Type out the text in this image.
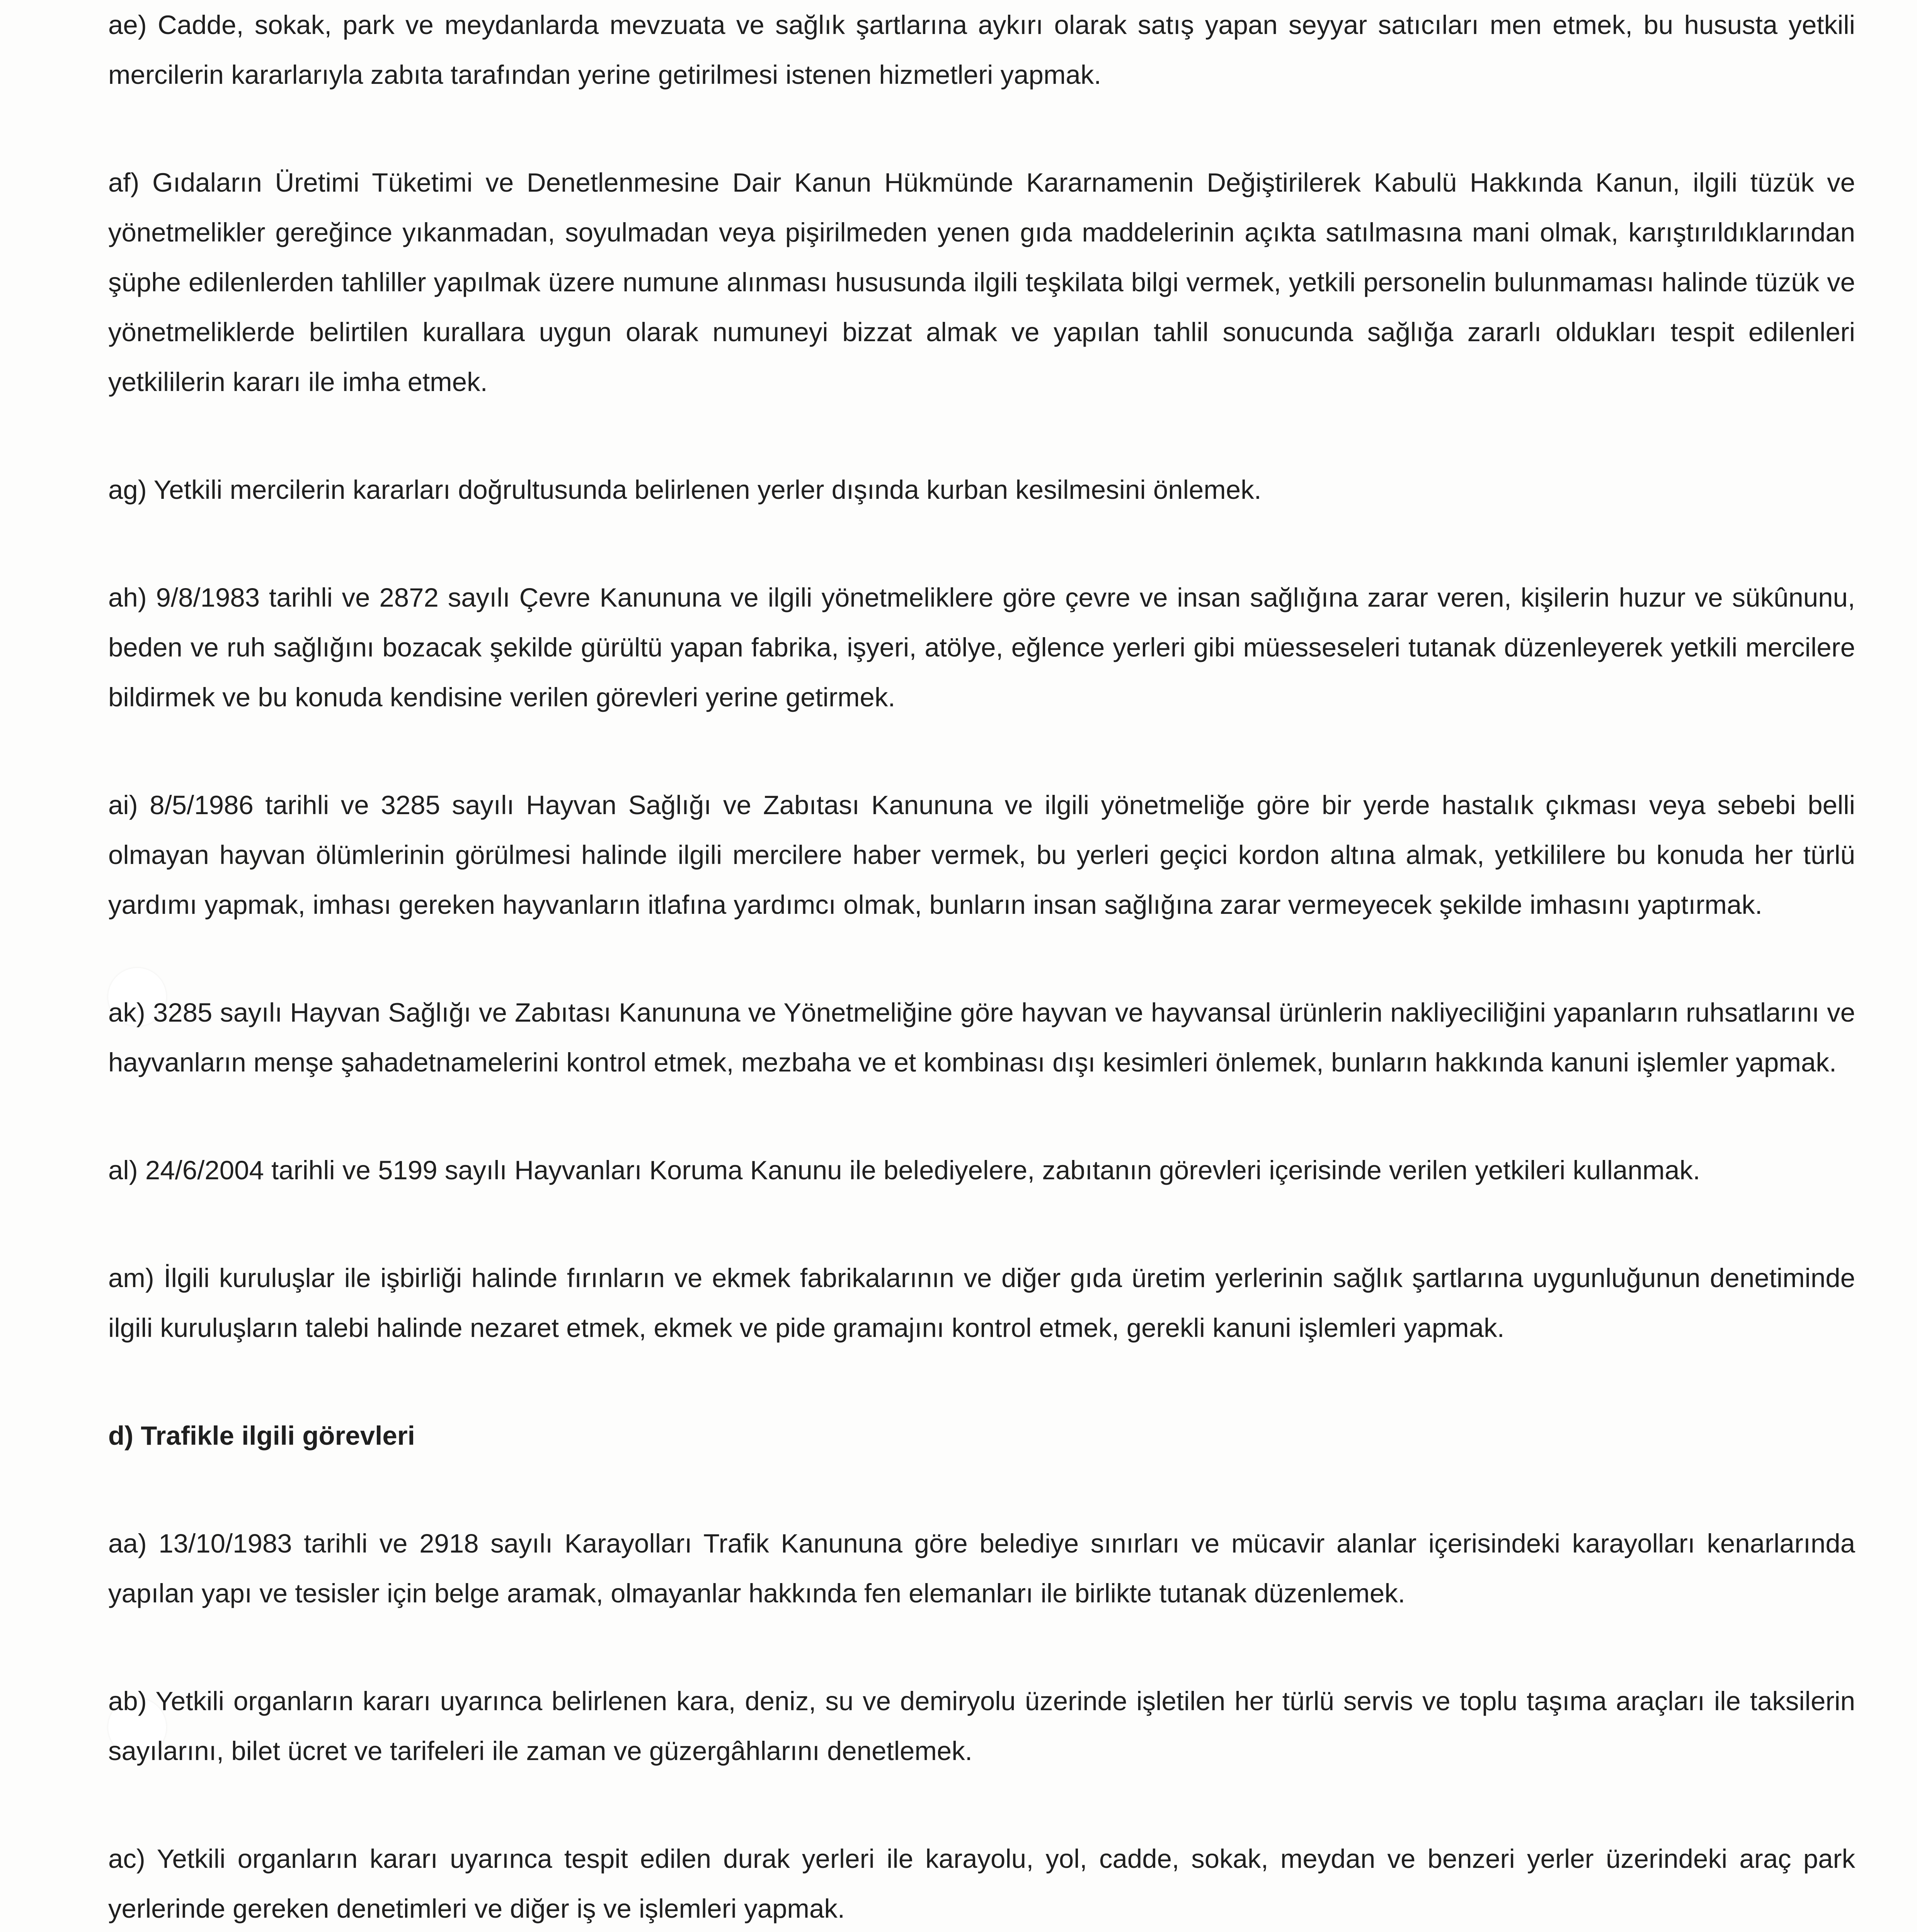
ae) Cadde, sokak, park ve meydanlarda mevzuata ve sağlık şartlarına aykırı olarak satış yapan seyyar satıcıları men etmek, bu hususta yetkili mercilerin kararlarıyla zabıta tarafından yerine getirilmesi istenen hizmetleri yapmak.

af) Gıdaların Üretimi Tüketimi ve Denetlenmesine Dair Kanun Hükmünde Kararnamenin Değiştirilerek Kabulü Hakkında Kanun, ilgili tüzük ve yönetmelikler gereğince yıkanmadan, soyulmadan veya pişirilmeden yenen gıda maddelerinin açıkta satılmasına mani olmak, karıştırıldıklarından şüphe edilenlerden tahliller yapılmak üzere numune alınması hususunda ilgili teşkilata bilgi vermek, yetkili personelin bulunmaması halinde tüzük ve yönetmeliklerde belirtilen kurallara uygun olarak numuneyi bizzat almak ve yapılan tahlil sonucunda sağlığa zararlı oldukları tespit edilenleri yetkililerin kararı ile imha etmek.

ag) Yetkili mercilerin kararları doğrultusunda belirlenen yerler dışında kurban kesilmesini önlemek.

ah) 9/8/1983 tarihli ve 2872 sayılı Çevre Kanununa ve ilgili yönetmeliklere göre çevre ve insan sağlığına zarar veren, kişilerin huzur ve sükûnunu, beden ve ruh sağlığını bozacak şekilde gürültü yapan fabrika, işyeri, atölye, eğlence yerleri gibi müesseseleri tutanak düzenleyerek yetkili mercilere bildirmek ve bu konuda kendisine verilen görevleri yerine getirmek.

ai) 8/5/1986 tarihli ve 3285 sayılı Hayvan Sağlığı ve Zabıtası Kanununa ve ilgili yönetmeliğe göre bir yerde hastalık çıkması veya sebebi belli olmayan hayvan ölümlerinin görülmesi halinde ilgili mercilere haber vermek, bu yerleri geçici kordon altına almak, yetkililere bu konuda her türlü yardımı yapmak, imhası gereken hayvanların itlafına yardımcı olmak, bunların insan sağlığına zarar vermeyecek şekilde imhasını yaptırmak.

ak) 3285 sayılı Hayvan Sağlığı ve Zabıtası Kanununa ve Yönetmeliğine göre hayvan ve hayvansal ürünlerin nakliyeciliğini yapanların ruhsatlarını ve hayvanların menşe şahadetnamelerini kontrol etmek, mezbaha ve et kombinası dışı kesimleri önlemek, bunların hakkında kanuni işlemler yapmak.

al) 24/6/2004 tarihli ve 5199 sayılı Hayvanları Koruma Kanunu ile belediyelere, zabıtanın görevleri içerisinde verilen yetkileri kullanmak.

am) İlgili kuruluşlar ile işbirliği halinde fırınların ve ekmek fabrikalarının ve diğer gıda üretim yerlerinin sağlık şartlarına uygunluğunun denetiminde ilgili kuruluşların talebi halinde nezaret etmek, ekmek ve pide gramajını kontrol etmek, gerekli kanuni işlemleri yapmak.

d) Trafikle ilgili görevleri

aa) 13/10/1983 tarihli ve 2918 sayılı Karayolları Trafik Kanununa göre belediye sınırları ve mücavir alanlar içerisindeki karayolları kenarlarında yapılan yapı ve tesisler için belge aramak, olmayanlar hakkında fen elemanları ile birlikte tutanak düzenlemek.

ab) Yetkili organların kararı uyarınca belirlenen kara, deniz, su ve demiryolu üzerinde işletilen her türlü servis ve toplu taşıma araçları ile taksilerin sayılarını, bilet ücret ve tarifeleri ile zaman ve güzergâhlarını denetlemek.

ac) Yetkili organların kararı uyarınca tespit edilen durak yerleri ile karayolu, yol, cadde, sokak, meydan ve benzeri yerler üzerindeki araç park yerlerinde gereken denetimleri ve diğer iş ve işlemleri yapmak.
